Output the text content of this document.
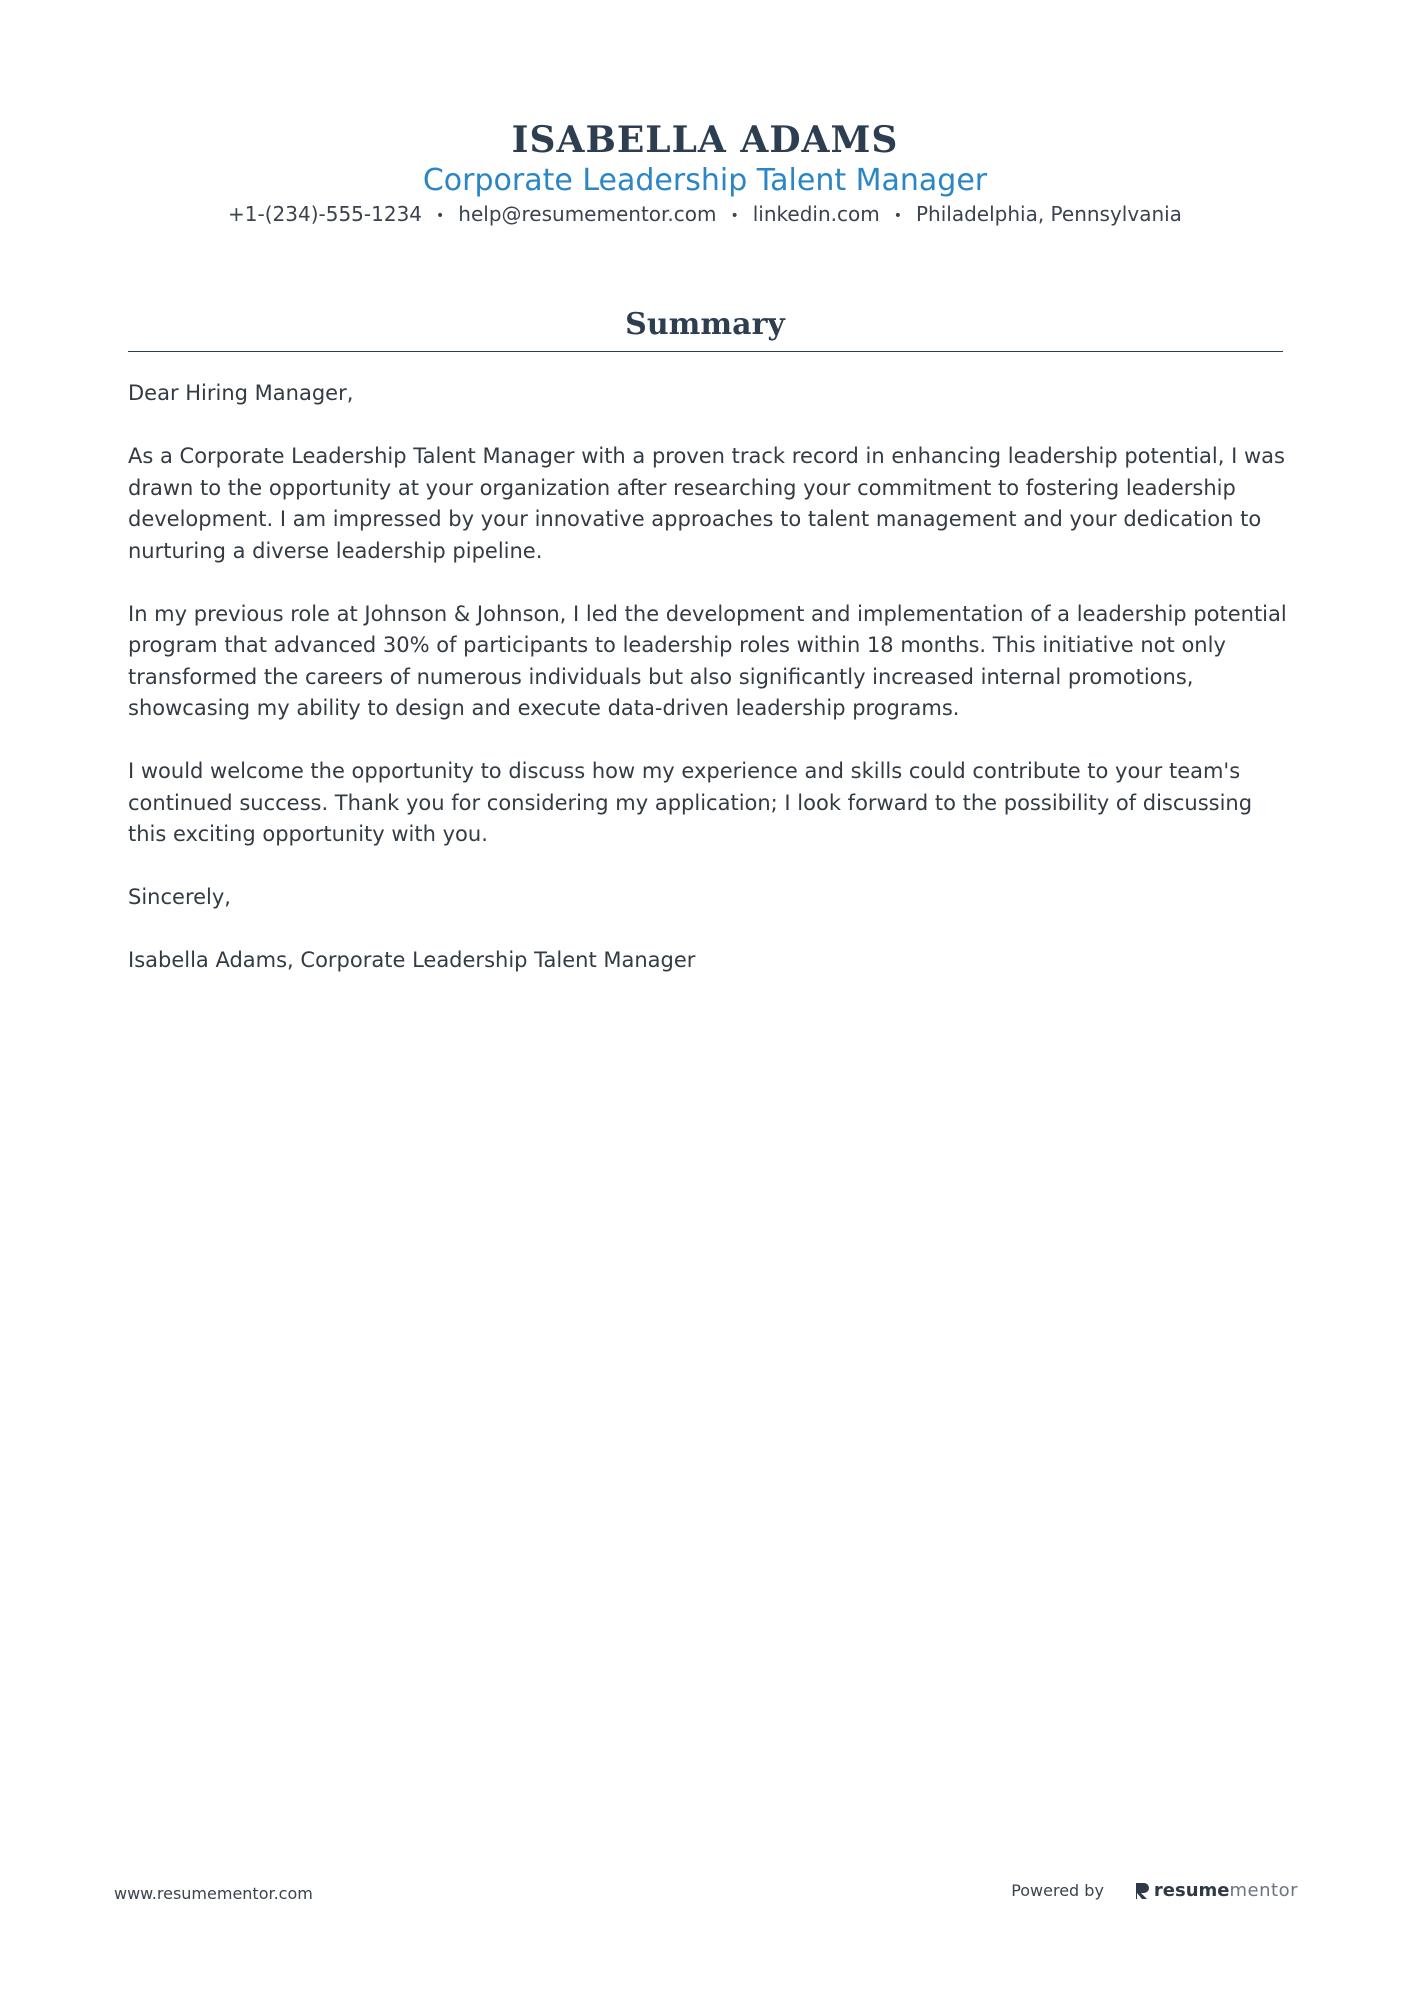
ISABELLA ADAMS
Corporate Leadership Talent Manager
+1-(234)-555-1234 • help@resumementor.com • linkedin.com • Philadelphia, Pennsylvania
Summary

Dear Hiring Manager,

As a Corporate Leadership Talent Manager with a proven track record in enhancing leadership potential, I was drawn to the opportunity at your organization after researching your commitment to fostering leadership development. I am impressed by your innovative approaches to talent management and your dedication to nurturing a diverse leadership pipeline.

In my previous role at Johnson & Johnson, I led the development and implementation of a leadership potential program that advanced 30% of participants to leadership roles within 18 months. This initiative not only transformed the careers of numerous individuals but also significantly increased internal promotions, showcasing my ability to design and execute data-driven leadership programs.

I would welcome the opportunity to discuss how my experience and skills could contribute to your team's continued success. Thank you for considering my application; I look forward to the possibility of discussing this exciting opportunity with you.

Sincerely,

Isabella Adams, Corporate Leadership Talent Manager

www.resumementor.com	Powered by	resume mentor
